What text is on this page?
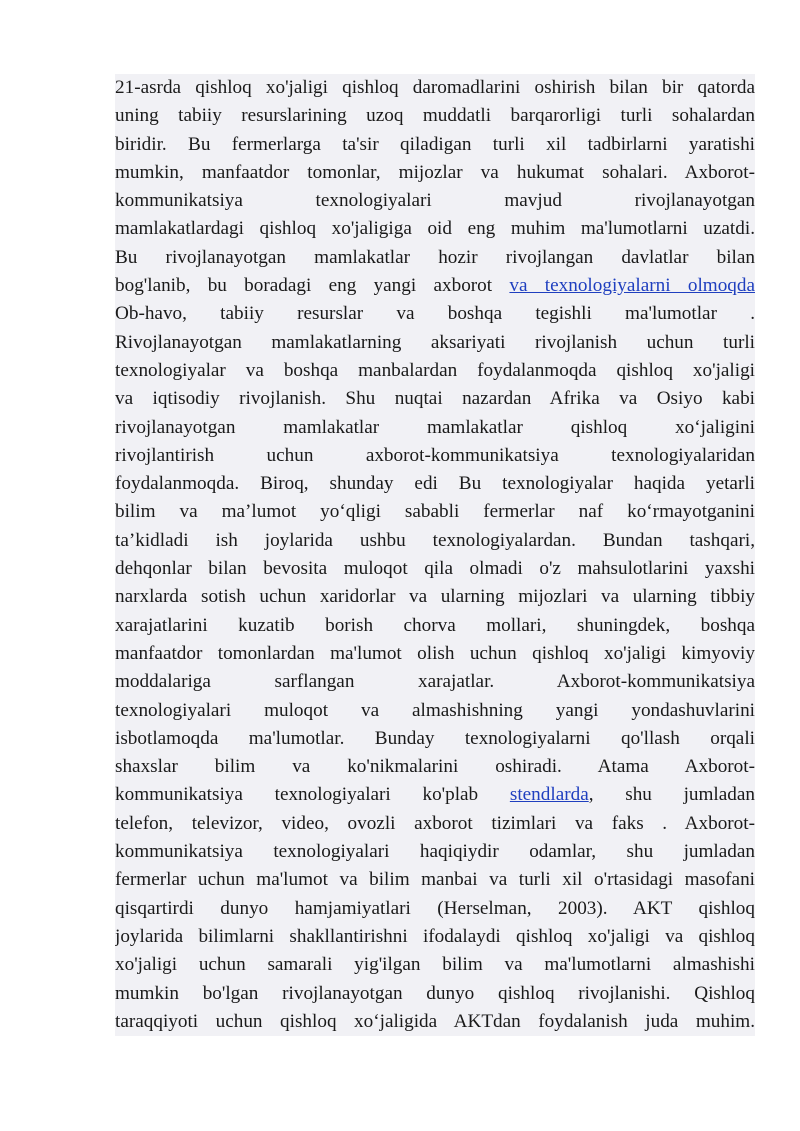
21-asrda qishloq xo'jaligi qishloq daromadlarini oshirish bilan bir qatorda
uning tabiiy resurslarining uzoq muddatli barqarorligi turli sohalardan
biridir. Bu fermerlarga ta'sir qiladigan turli xil tadbirlarni yaratishi
mumkin, manfaatdor tomonlar, mijozlar va hukumat sohalari. Axborot-
kommunikatsiya texnologiyalari mavjud rivojlanayotgan
mamlakatlardagi qishloq xo'jaligiga oid eng muhim ma'lumotlarni uzatdi.
Bu rivojlanayotgan mamlakatlar hozir rivojlangan davlatlar bilan
bog'lanib, bu boradagi eng yangi axborot va texnologiyalarni olmoqda
Ob-havo, tabiiy resurslar va boshqa tegishli ma'lumotlar .
Rivojlanayotgan mamlakatlarning aksariyati rivojlanish uchun turli
texnologiyalar va boshqa manbalardan foydalanmoqda qishloq xo'jaligi
va iqtisodiy rivojlanish. Shu nuqtai nazardan Afrika va Osiyo kabi
rivojlanayotgan mamlakatlar mamlakatlar qishloq xo‘jaligini
rivojlantirish uchun axborot-kommunikatsiya texnologiyalaridan
foydalanmoqda. Biroq, shunday edi Bu texnologiyalar haqida yetarli
bilim va ma’lumot yo‘qligi sababli fermerlar naf ko‘rmayotganini
ta’kidladi ish joylarida ushbu texnologiyalardan. Bundan tashqari,
dehqonlar bilan bevosita muloqot qila olmadi o'z mahsulotlarini yaxshi
narxlarda sotish uchun xaridorlar va ularning mijozlari va ularning tibbiy
xarajatlarini kuzatib borish chorva mollari, shuningdek, boshqa
manfaatdor tomonlardan ma'lumot olish uchun qishloq xo'jaligi kimyoviy
moddalariga sarflangan xarajatlar. Axborot-kommunikatsiya
texnologiyalari muloqot va almashishning yangi yondashuvlarini
isbotlamoqda ma'lumotlar. Bunday texnologiyalarni qo'llash orqali
shaxslar bilim va ko'nikmalarini oshiradi. Atama Axborot-
kommunikatsiya texnologiyalari ko'plab stendlarda, shu jumladan
telefon, televizor, video, ovozli axborot tizimlari va faks . Axborot-
kommunikatsiya texnologiyalari haqiqiydir odamlar, shu jumladan
fermerlar uchun ma'lumot va bilim manbai va turli xil o'rtasidagi masofani
qisqartirdi dunyo hamjamiyatlari (Herselman, 2003). AKT qishloq
joylarida bilimlarni shakllantirishni ifodalaydi qishloq xo'jaligi va qishloq
xo'jaligi uchun samarali yig'ilgan bilim va ma'lumotlarni almashishi
mumkin bo'lgan rivojlanayotgan dunyo qishloq rivojlanishi. Qishloq
taraqqiyoti uchun qishloq xo‘jaligida AKTdan foydalanish juda muhim.
